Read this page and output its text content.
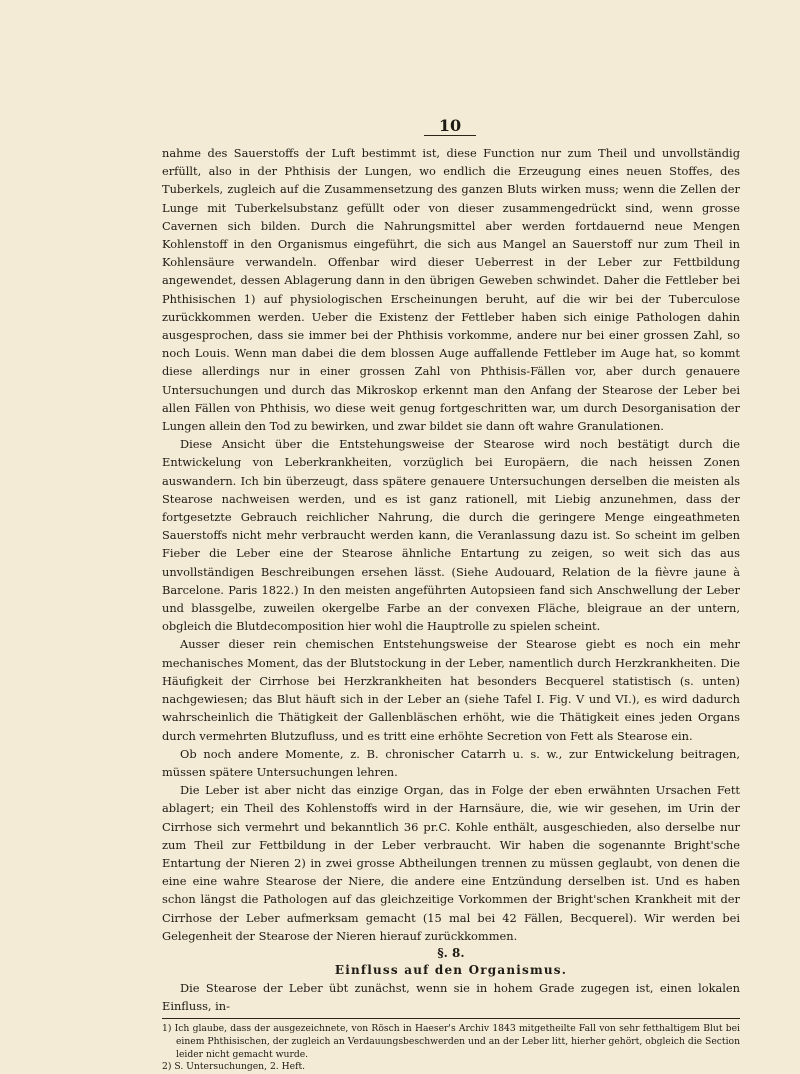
10

nahme des Sauerstoffs der Luft bestimmt ist, diese Function nur zum Theil und unvollständig erfüllt, also in der Phthisis der Lungen, wo endlich die Erzeugung eines neuen Stoffes, des Tuberkels, zugleich auf die Zusammensetzung des ganzen Bluts wirken muss; wenn die Zellen der Lunge mit Tuberkelsubstanz gefüllt oder von dieser zusammengedrückt sind, wenn grosse Cavernen sich bilden. Durch die Nahrungsmittel aber werden fortdauernd neue Mengen Kohlenstoff in den Organismus eingeführt, die sich aus Mangel an Sauerstoff nur zum Theil in Kohlensäure verwandeln. Offenbar wird dieser Ueberrest in der Leber zur Fettbildung angewendet, dessen Ablagerung dann in den übrigen Geweben schwindet. Daher die Fettleber bei Phthisischen 1) auf physiologischen Erscheinungen beruht, auf die wir bei der Tuberculose zurückkommen werden. Ueber die Existenz der Fettleber haben sich einige Pathologen dahin ausgesprochen, dass sie immer bei der Phthisis vorkomme, andere nur bei einer grossen Zahl, so noch Louis. Wenn man dabei die dem blossen Auge auffallende Fettleber im Auge hat, so kommt diese allerdings nur in einer grossen Zahl von Phthisis-Fällen vor, aber durch genauere Untersuchungen und durch das Mikroskop erkennt man den Anfang der Stearose der Leber bei allen Fällen von Phthisis, wo diese weit genug fortgeschritten war, um durch Desorganisation der Lungen allein den Tod zu bewirken, und zwar bildet sie dann oft wahre Granulationen.

Diese Ansicht über die Entstehungsweise der Stearose wird noch bestätigt durch die Entwickelung von Leberkrankheiten, vorzüglich bei Europäern, die nach heissen Zonen auswandern. Ich bin überzeugt, dass spätere genauere Untersuchungen derselben die meisten als Stearose nachweisen werden, und es ist ganz rationell, mit Liebig anzunehmen, dass der fortgesetzte Gebrauch reichlicher Nahrung, die durch die geringere Menge eingeathmeten Sauerstoffs nicht mehr verbraucht werden kann, die Veranlassung dazu ist. So scheint im gelben Fieber die Leber eine der Stearose ähnliche Entartung zu zeigen, so weit sich das aus unvollständigen Beschreibungen ersehen lässt. (Siehe Audouard, Relation de la fièvre jaune à Barcelone. Paris 1822.) In den meisten angeführten Autopsieen fand sich Anschwellung der Leber und blassgelbe, zuweilen okergelbe Farbe an der convexen Fläche, bleigraue an der untern, obgleich die Blutdecomposition hier wohl die Hauptrolle zu spielen scheint.

Ausser dieser rein chemischen Entstehungsweise der Stearose giebt es noch ein mehr mechanisches Moment, das der Blutstockung in der Leber, namentlich durch Herzkrankheiten. Die Häufigkeit der Cirrhose bei Herzkrankheiten hat besonders Becquerel statistisch (s. unten) nachgewiesen; das Blut häuft sich in der Leber an (siehe Tafel I. Fig. V und VI.), es wird dadurch wahrscheinlich die Thätigkeit der Gallenbläschen erhöht, wie die Thätigkeit eines jeden Organs durch vermehrten Blutzufluss, und es tritt eine erhöhte Secretion von Fett als Stearose ein.

Ob noch andere Momente, z. B. chronischer Catarrh u. s. w., zur Entwickelung beitragen, müssen spätere Untersuchungen lehren.

Die Leber ist aber nicht das einzige Organ, das in Folge der eben erwähnten Ursachen Fett ablagert; ein Theil des Kohlenstoffs wird in der Harnsäure, die, wie wir gesehen, im Urin der Cirrhose sich vermehrt und bekanntlich 36 pr.C. Kohle enthält, ausgeschieden, also derselbe nur zum Theil zur Fettbildung in der Leber verbraucht. Wir haben die sogenannte Bright'sche Entartung der Nieren 2) in zwei grosse Abtheilungen trennen zu müssen geglaubt, von denen die eine eine wahre Stearose der Niere, die andere eine Entzündung derselben ist. Und es haben schon längst die Pathologen auf das gleichzeitige Vorkommen der Bright'schen Krankheit mit der Cirrhose der Leber aufmerksam gemacht (15 mal bei 42 Fällen, Becquerel). Wir werden bei Gelegenheit der Stearose der Nieren hierauf zurückkommen.

§. 8.

Einfluss auf den Organismus.

Die Stearose der Leber übt zunächst, wenn sie in hohem Grade zugegen ist, einen lokalen Einfluss, in-

1) Ich glaube, dass der ausgezeichnete, von Rösch in Haeser's Archiv 1843 mitgetheilte Fall von sehr fetthaltigem Blut bei einem Phthisischen, der zugleich an Verdauungsbeschwerden und an der Leber litt, hierher gehört, obgleich die Section leider nicht gemacht wurde.

2) S. Untersuchungen, 2. Heft.
